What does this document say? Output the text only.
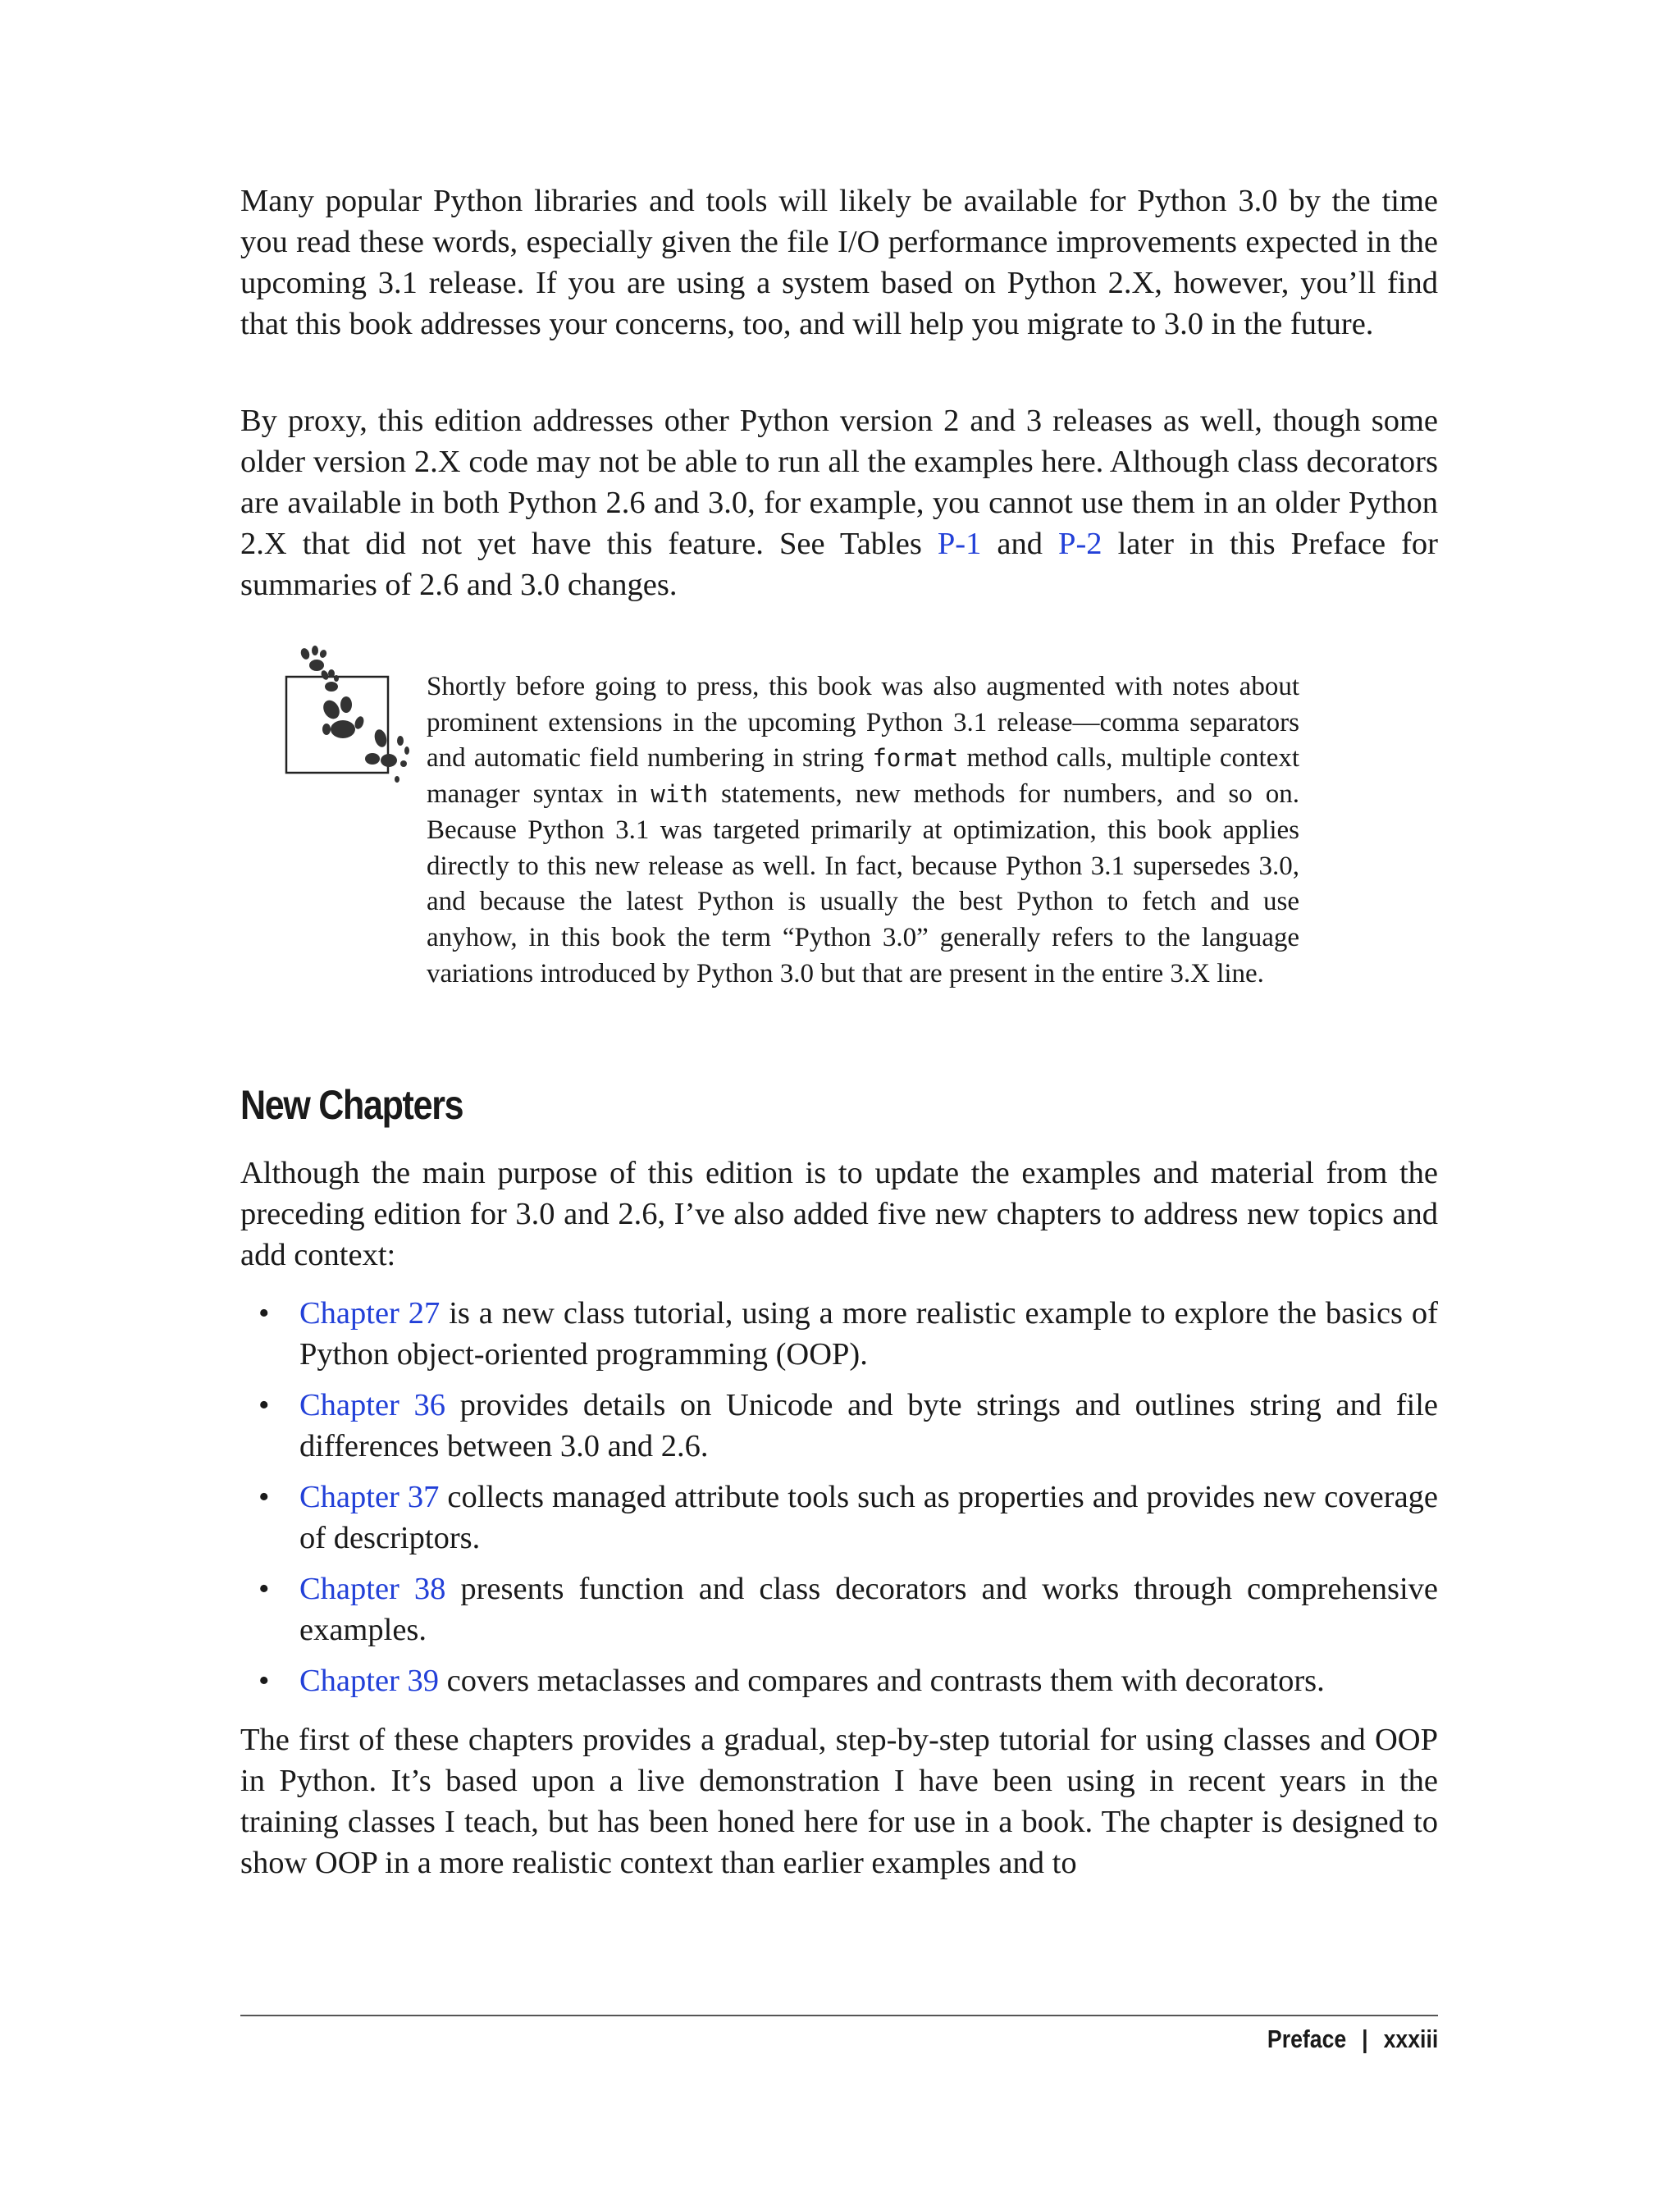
Many popular Python libraries and tools will likely be available for Python 3.0 by the time you read these words, especially given the file I/O performance improvements expected in the upcoming 3.1 release. If you are using a system based on Python 2.X, however, you’ll find that this book addresses your concerns, too, and will help you migrate to 3.0 in the future.

By proxy, this edition addresses other Python version 2 and 3 releases as well, though some older version 2.X code may not be able to run all the examples here. Although class decorators are available in both Python 2.6 and 3.0, for example, you cannot use them in an older Python 2.X that did not yet have this feature. See Tables P-1 and P-2 later in this Preface for summaries of 2.6 and 3.0 changes.

Shortly before going to press, this book was also augmented with notes about prominent extensions in the upcoming Python 3.1 release—comma separators and automatic field numbering in string format method calls, multiple context manager syntax in with statements, new methods for numbers, and so on. Because Python 3.1 was targeted primarily at optimization, this book applies directly to this new release as well. In fact, because Python 3.1 supersedes 3.0, and because the latest Python is usually the best Python to fetch and use anyhow, in this book the term “Python 3.0” generally refers to the language variations introduced by Python 3.0 but that are present in the entire 3.X line.

New Chapters

Although the main purpose of this edition is to update the examples and material from the preceding edition for 3.0 and 2.6, I’ve also added five new chapters to address new topics and add context:

• Chapter 27 is a new class tutorial, using a more realistic example to explore the basics of Python object-oriented programming (OOP).
• Chapter 36 provides details on Unicode and byte strings and outlines string and file differences between 3.0 and 2.6.
• Chapter 37 collects managed attribute tools such as properties and provides new coverage of descriptors.
• Chapter 38 presents function and class decorators and works through comprehensive examples.
• Chapter 39 covers metaclasses and compares and contrasts them with decorators.

The first of these chapters provides a gradual, step-by-step tutorial for using classes and OOP in Python. It’s based upon a live demonstration I have been using in recent years in the training classes I teach, but has been honed here for use in a book. The chapter is designed to show OOP in a more realistic context than earlier examples and to

Preface | xxxiii
